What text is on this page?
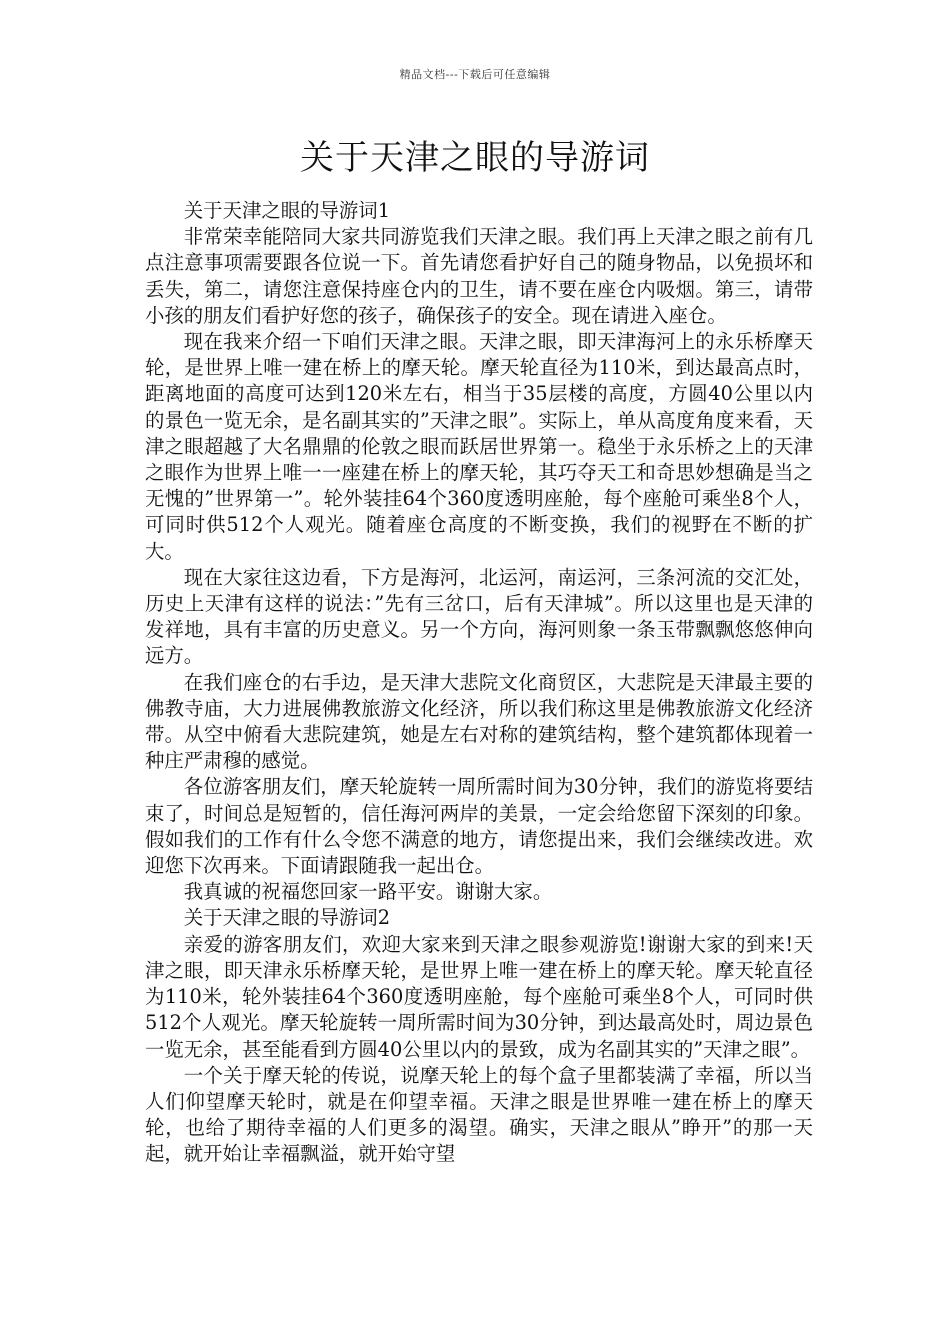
精品文档---下载后可任意编辑
关于天津之眼的导游词

关于天津之眼的导游词1

非常荣幸能陪同大家共同游览我们天津之眼。我们再上天津之眼之前有几点注意事项需要跟各位说一下。首先请您看护好自己的随身物品，以免损坏和丢失，第二，请您注意保持座仓内的卫生，请不要在座仓内吸烟。第三，请带小孩的朋友们看护好您的孩子，确保孩子的安全。现在请进入座仓。

现在我来介绍一下咱们天津之眼。天津之眼，即天津海河上的永乐桥摩天轮，是世界上唯一建在桥上的摩天轮。摩天轮直径为110米，到达最高点时，距离地面的高度可达到120米左右，相当于35层楼的高度，方圆40公里以内的景色一览无余，是名副其实的”天津之眼”。实际上，单从高度角度来看，天津之眼超越了大名鼎鼎的伦敦之眼而跃居世界第一。稳坐于永乐桥之上的天津之眼作为世界上唯一一座建在桥上的摩天轮，其巧夺天工和奇思妙想确是当之无愧的”世界第一”。轮外装挂64个360度透明座舱，每个座舱可乘坐8个人，可同时供512个人观光。随着座仓高度的不断变换，我们的视野在不断的扩大。

现在大家往这边看，下方是海河，北运河，南运河，三条河流的交汇处，历史上天津有这样的说法：”先有三岔口，后有天津城”。所以这里也是天津的发祥地，具有丰富的历史意义。另一个方向，海河则象一条玉带飘飘悠悠伸向远方。

在我们座仓的右手边，是天津大悲院文化商贸区，大悲院是天津最主要的佛教寺庙，大力进展佛教旅游文化经济，所以我们称这里是佛教旅游文化经济带。从空中俯看大悲院建筑，她是左右对称的建筑结构，整个建筑都体现着一种庄严肃穆的感觉。

各位游客朋友们，摩天轮旋转一周所需时间为30分钟，我们的游览将要结束了，时间总是短暂的，信任海河两岸的美景，一定会给您留下深刻的印象。假如我们的工作有什么令您不满意的地方，请您提出来，我们会继续改进。欢迎您下次再来。下面请跟随我一起出仓。

我真诚的祝福您回家一路平安。谢谢大家。

关于天津之眼的导游词2

亲爱的游客朋友们，欢迎大家来到天津之眼参观游览!谢谢大家的到来!天津之眼，即天津永乐桥摩天轮，是世界上唯一建在桥上的摩天轮。摩天轮直径为110米，轮外装挂64个360度透明座舱，每个座舱可乘坐8个人，可同时供512个人观光。摩天轮旋转一周所需时间为30分钟，到达最高处时，周边景色一览无余，甚至能看到方圆40公里以内的景致，成为名副其实的”天津之眼”。

一个关于摩天轮的传说，说摩天轮上的每个盒子里都装满了幸福，所以当人们仰望摩天轮时，就是在仰望幸福。天津之眼是世界唯一建在桥上的摩天轮，也给了期待幸福的人们更多的渴望。确实，天津之眼从”睁开”的那一天起，就开始让幸福飘溢，就开始守望
